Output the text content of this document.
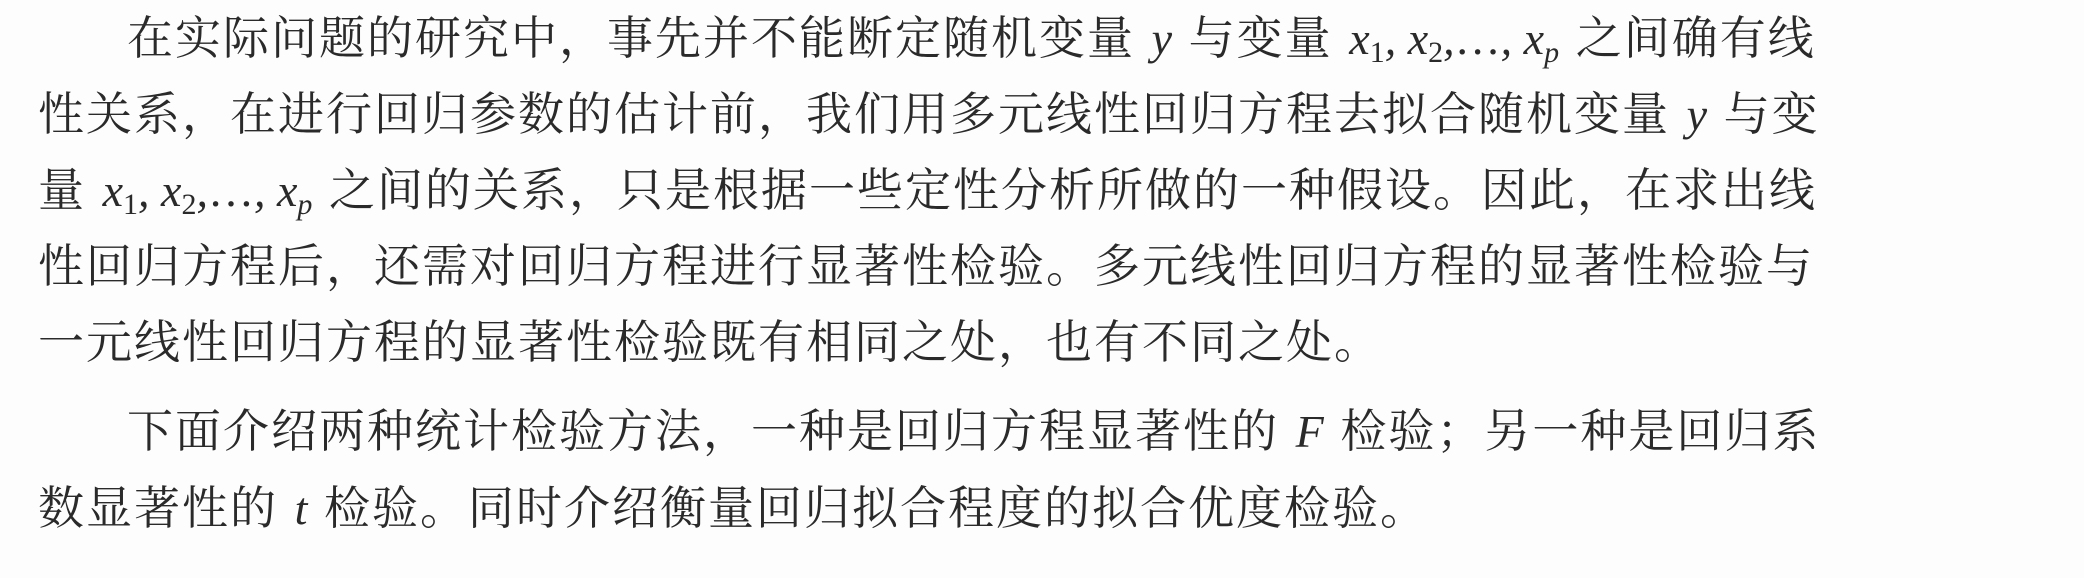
在实际问题的研究中，事先并不能断定随机变量 y 与变量 $x_1$, $x_2,\dots$, $x_p$ 之间确有线
性关系，在进行回归参数的估计前，我们用多元线性回归方程去拟合随机变量 y 与变
量 $x_1$, $x_2,\dots$, $x_p$ 之间的关系，只是根据一些定性分析所做的一种假设。因此，在求出线
性回归方程后，还需对回归方程进行显著性检验。多元线性回归方程的显著性检验与
一元线性回归方程的显著性检验既有相同之处，也有不同之处。
下面介绍两种统计检验方法，一种是回归方程显著性的 F 检验；另一种是回归系
数显著性的 t 检验。同时介绍衡量回归拟合程度的拟合优度检验。
